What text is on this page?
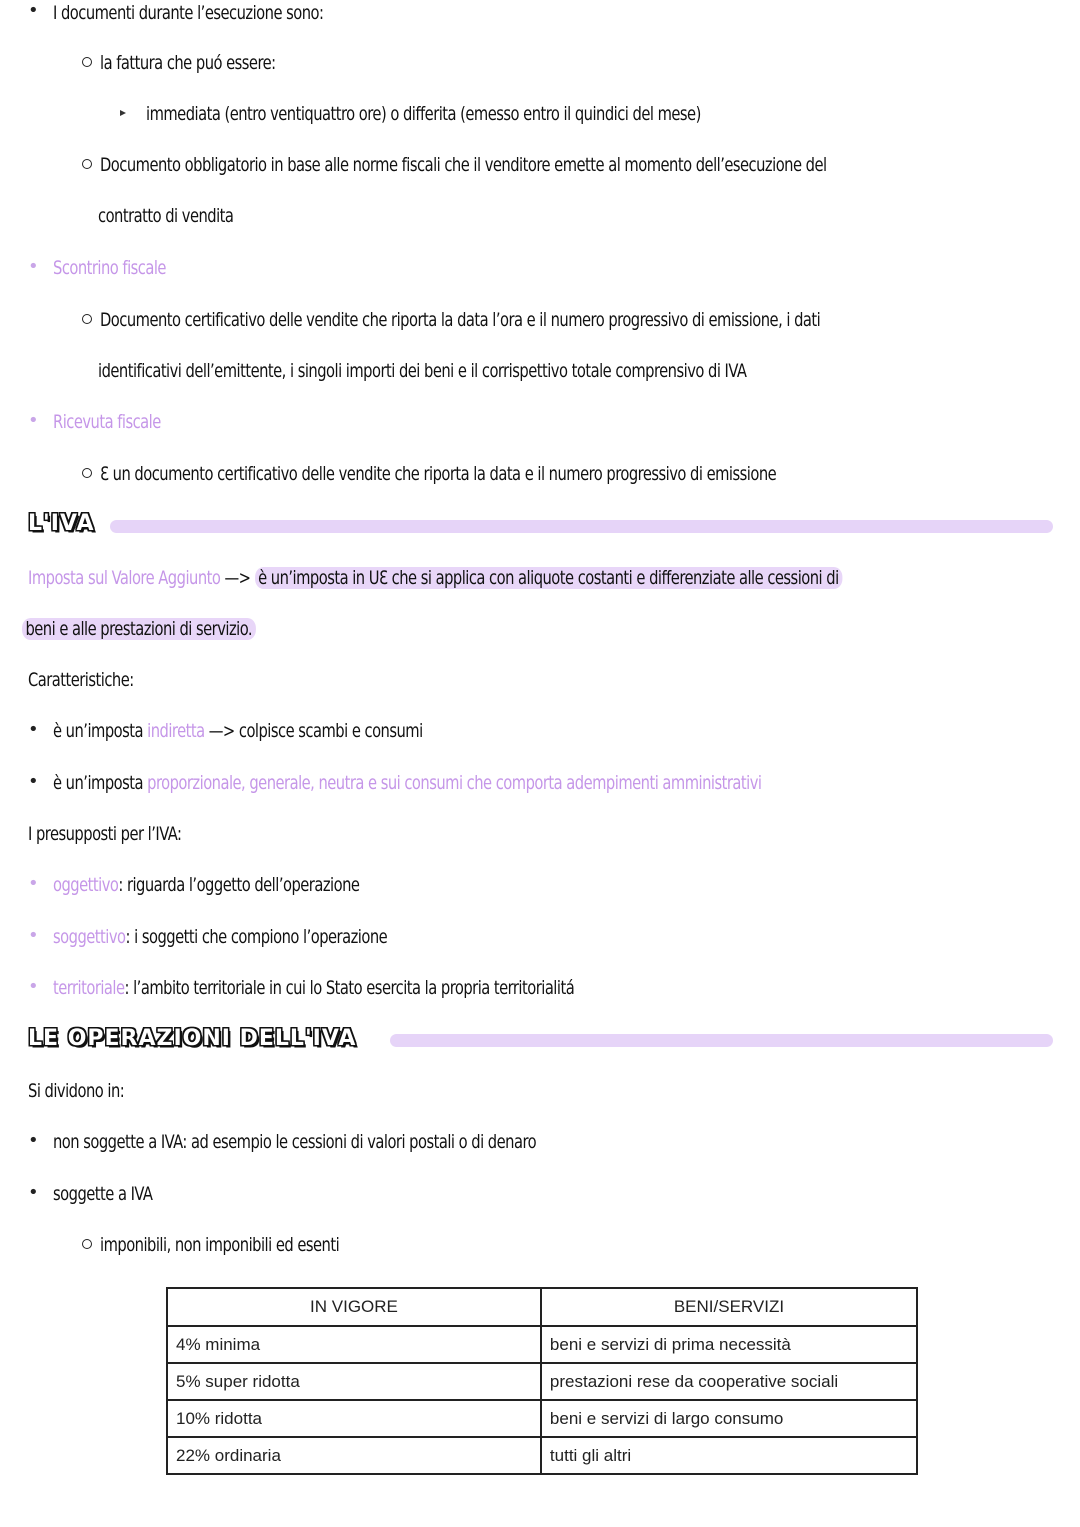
• I documenti durante l’esecuzione sono:
la fattura che puó essere:
immediata (entro ventiquattro ore) o differita (emesso entro il quindici del mese)
Documento obbligatorio in base alle norme fiscali che il venditore emette al momento dell’esecuzione del
contratto di vendita
• Scontrino fiscale
Documento certificativo delle vendite che riporta la data l’ora e il numero progressivo di emissione, i dati
identificativi dell’emittente, i singoli importi dei beni e il corrispettivo totale comprensivo di IVA
• Ricevuta fiscale
Ɛ un documento certificativo delle vendite che riporta la data e il numero progressivo di emissione
L'IVA
Imposta sul Valore Aggiunto —> è un’imposta in UƐ che si applica con aliquote costanti e differenziate alle cessioni di
beni e alle prestazioni di servizio.
Caratteristiche:
• è un’imposta indiretta —> colpisce scambi e consumi
• è un’imposta proporzionale, generale, neutra e sui consumi che comporta adempimenti amministrativi
I presupposti per l’IVA:
• oggettivo: riguarda l’oggetto dell’operazione
• soggettivo: i soggetti che compiono l’operazione
• territoriale: l’ambito territoriale in cui lo Stato esercita la propria territorialitá
LE OPERAZIONI DELL'IVA
Si dividono in:
• non soggette a IVA: ad esempio le cessioni di valori postali o di denaro
• soggette a IVA
imponibili, non imponibili ed esenti
IN VIGORE	BENI/SERVIZI
4% minima	beni e servizi di prima necessità
5% super ridotta	prestazioni rese da cooperative sociali
10% ridotta	beni e servizi di largo consumo
22% ordinaria	tutti gli altri
